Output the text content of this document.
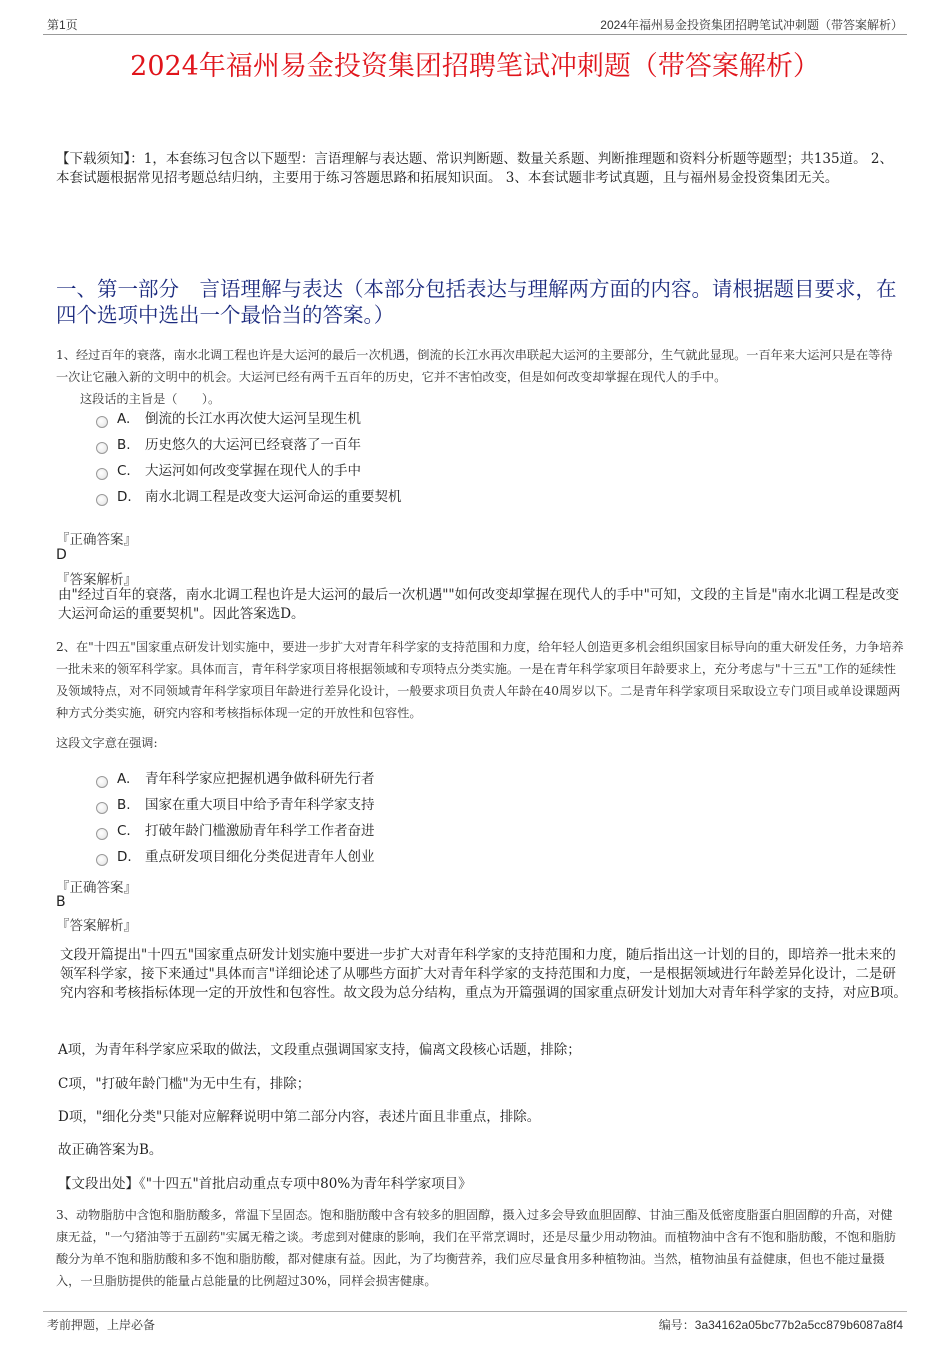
第1页	2024年福州易金投资集团招聘笔试冲刺题（带答案解析）
2024年福州易金投资集团招聘笔试冲刺题（带答案解析）
【下载须知】：1，本套练习包含以下题型：言语理解与表达题、常识判断题、数量关系题、判断推理题和资料分析题等题型；共135道。 2、本套试题根据常见招考题总结归纳，主要用于练习答题思路和拓展知识面。 3、本套试题非考试真题，且与福州易金投资集团无关。
一、第一部分　言语理解与表达（本部分包括表达与理解两方面的内容。请根据题目要求，在四个选项中选出一个最恰当的答案。）
1、经过百年的衰落，南水北调工程也许是大运河的最后一次机遇，倒流的长江水再次串联起大运河的主要部分，生气就此显现。一百年来大运河只是在等待一次让它融入新的文明中的机会。大运河已经有两千五百年的历史，它并不害怕改变，但是如何改变却掌握在现代人的手中。
这段话的主旨是（　　）。
A.	倒流的长江水再次使大运河呈现生机
B.	历史悠久的大运河已经衰落了一百年
C.	大运河如何改变掌握在现代人的手中
D. 南水北调工程是改变大运河命运的重要契机
『正确答案』
D
『答案解析』
由"经过百年的衰落，南水北调工程也许是大运河的最后一次机遇""如何改变却掌握在现代人的手中"可知，文段的主旨是"南水北调工程是改变大运河命运的重要契机"。因此答案选D。
2、在"十四五"国家重点研发计划实施中，要进一步扩大对青年科学家的支持范围和力度，给年轻人创造更多机会组织国家目标导向的重大研发任务，力争培养一批未来的领军科学家。具体而言，青年科学家项目将根据领域和专项特点分类实施。一是在青年科学家项目年龄要求上，充分考虑与"十三五"工作的延续性及领域特点，对不同领域青年科学家项目年龄进行差异化设计，一般要求项目负责人年龄在40周岁以下。二是青年科学家项目采取设立专门项目或单设课题两种方式分类实施，研究内容和考核指标体现一定的开放性和包容性。
这段文字意在强调:
A.	青年科学家应把握机遇争做科研先行者
B.	国家在重大项目中给予青年科学家支持
C.	打破年龄门槛激励青年科学工作者奋进
D. 重点研发项目细化分类促进青年人创业
『正确答案』
B
『答案解析』
文段开篇提出"十四五"国家重点研发计划实施中要进一步扩大对青年科学家的支持范围和力度，随后指出这一计划的目的，即培养一批未来的领军科学家，接下来通过"具体而言"详细论述了从哪些方面扩大对青年科学家的支持范围和力度，一是根据领域进行年龄差异化设计，二是研究内容和考核指标体现一定的开放性和包容性。故文段为总分结构，重点为开篇强调的国家重点研发计划加大对青年科学家的支持，对应B项。
A项，为青年科学家应采取的做法，文段重点强调国家支持，偏离文段核心话题，排除；
C项，"打破年龄门槛"为无中生有，排除；
D项，"细化分类"只能对应解释说明中第二部分内容，表述片面且非重点，排除。
故正确答案为B。
【文段出处】《"十四五"首批启动重点专项中80%为青年科学家项目》
3、动物脂肪中含饱和脂肪酸多，常温下呈固态。饱和脂肪酸中含有较多的胆固醇，摄入过多会导致血胆固醇、甘油三酯及低密度脂蛋白胆固醇的升高，对健康无益，"一勺猪油等于五副药"实属无稽之谈。考虑到对健康的影响，我们在平常烹调时，还是尽量少用动物油。而植物油中含有不饱和脂肪酸，不饱和脂肪酸分为单不饱和脂肪酸和多不饱和脂肪酸，都对健康有益。因此，为了均衡营养，我们应尽量食用多种植物油。当然，植物油虽有益健康，但也不能过量摄入，一旦脂肪提供的能量占总能量的比例超过30%，同样会损害健康。
考前押题，上岸必备	编号：3a34162a05bc77b2a5cc879b6087a8f4
